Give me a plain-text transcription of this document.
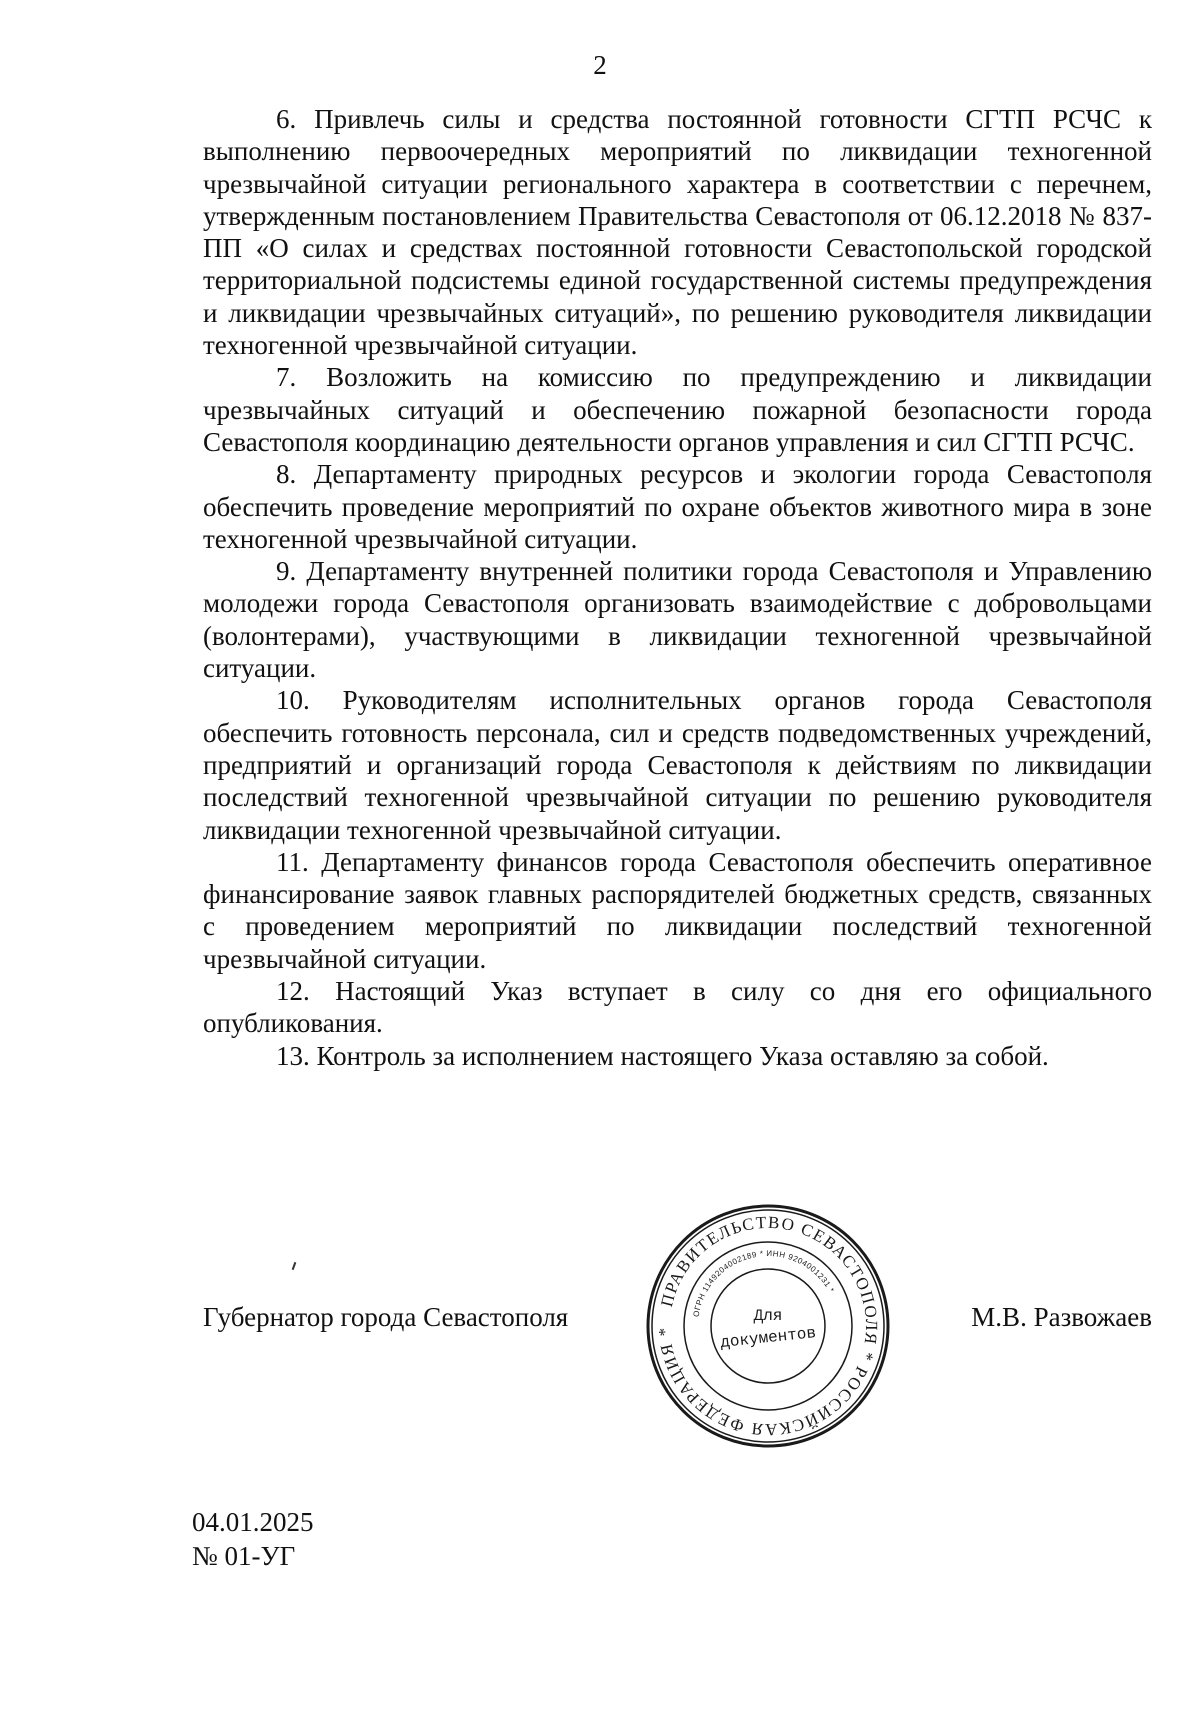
2

6. Привлечь силы и средства постоянной готовности СГТП РСЧС к выполнению первоочередных мероприятий по ликвидации техногенной чрезвычайной ситуации регионального характера в соответствии с перечнем, утвержденным постановлением Правительства Севастополя от 06.12.2018 № 837-ПП «О силах и средствах постоянной готовности Севастопольской городской территориальной подсистемы единой государственной системы предупреждения и ликвидации чрезвычайных ситуаций», по решению руководителя ликвидации техногенной чрезвычайной ситуации.

7. Возложить на комиссию по предупреждению и ликвидации чрезвычайных ситуаций и обеспечению пожарной безопасности города Севастополя координацию деятельности органов управления и сил СГТП РСЧС.

8. Департаменту природных ресурсов и экологии города Севастополя обеспечить проведение мероприятий по охране объектов животного мира в зоне техногенной чрезвычайной ситуации.

9. Департаменту внутренней политики города Севастополя и Управлению молодежи города Севастополя организовать взаимодействие с добровольцами (волонтерами), участвующими в ликвидации техногенной чрезвычайной ситуации.

10. Руководителям исполнительных органов города Севастополя обеспечить готовность персонала, сил и средств подведомственных учреждений, предприятий и организаций города Севастополя к действиям по ликвидации последствий техногенной чрезвычайной ситуации по решению руководителя ликвидации техногенной чрезвычайной ситуации.

11. Департаменту финансов города Севастополя обеспечить оперативное финансирование заявок главных распорядителей бюджетных средств, связанных с проведением мероприятий по ликвидации последствий техногенной чрезвычайной ситуации.

12. Настоящий Указ вступает в силу со дня его официального опубликования.

13. Контроль за исполнением настоящего Указа оставляю за собой.

Губернатор города Севастополя
ПРАВИТЕЛЬСТВО СЕВАСТОПОЛЯ * РОССИЙСКАЯ ФЕДЕРАЦИЯ *
ОГРН 1149204002189 * ИНН 9204001231 *
Для
документов
М.В. Развожаев
04.01.2025
№ 01-УГ
